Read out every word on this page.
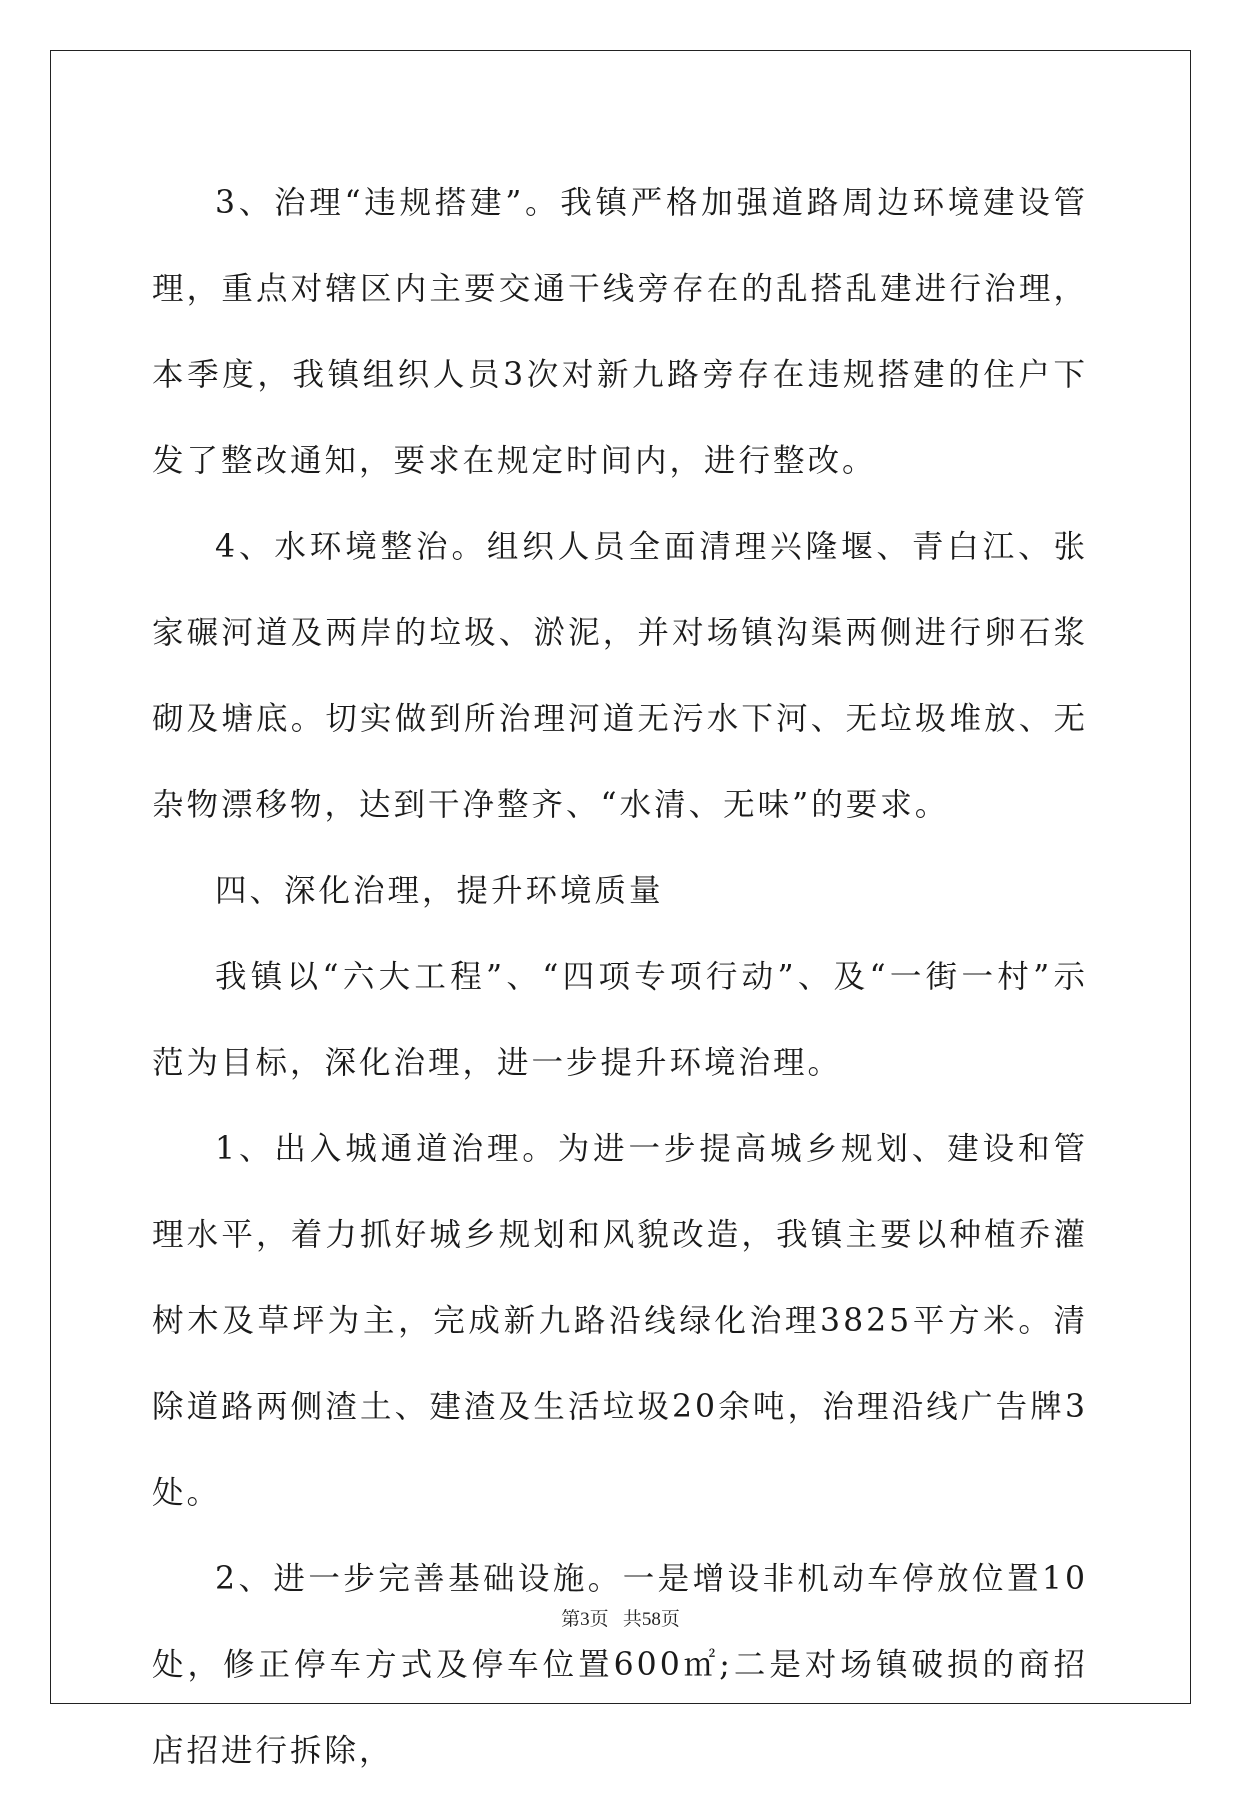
3、治理“违规搭建”。我镇严格加强道路周边环境建设管理，重点对辖区内主要交通干线旁存在的乱搭乱建进行治理，本季度，我镇组织人员3次对新九路旁存在违规搭建的住户下发了整改通知，要求在规定时间内，进行整改。

4、水环境整治。组织人员全面清理兴隆堰、青白江、张家碾河道及两岸的垃圾、淤泥，并对场镇沟渠两侧进行卵石浆砌及塘底。切实做到所治理河道无污水下河、无垃圾堆放、无杂物漂移物，达到干净整齐、“水清、无味”的要求。

四、深化治理，提升环境质量

我镇以“六大工程”、“四项专项行动”、及“一街一村”示范为目标，深化治理，进一步提升环境治理。

1、出入城通道治理。为进一步提高城乡规划、建设和管理水平，着力抓好城乡规划和风貌改造，我镇主要以种植乔灌树木及草坪为主，完成新九路沿线绿化治理3825平方米。清除道路两侧渣土、建渣及生活垃圾20余吨，治理沿线广告牌3处。

2、进一步完善基础设施。一是增设非机动车停放位置10处，修正停车方式及停车位置600㎡;二是对场镇破损的商招店招进行拆除，

第3页   共58页
